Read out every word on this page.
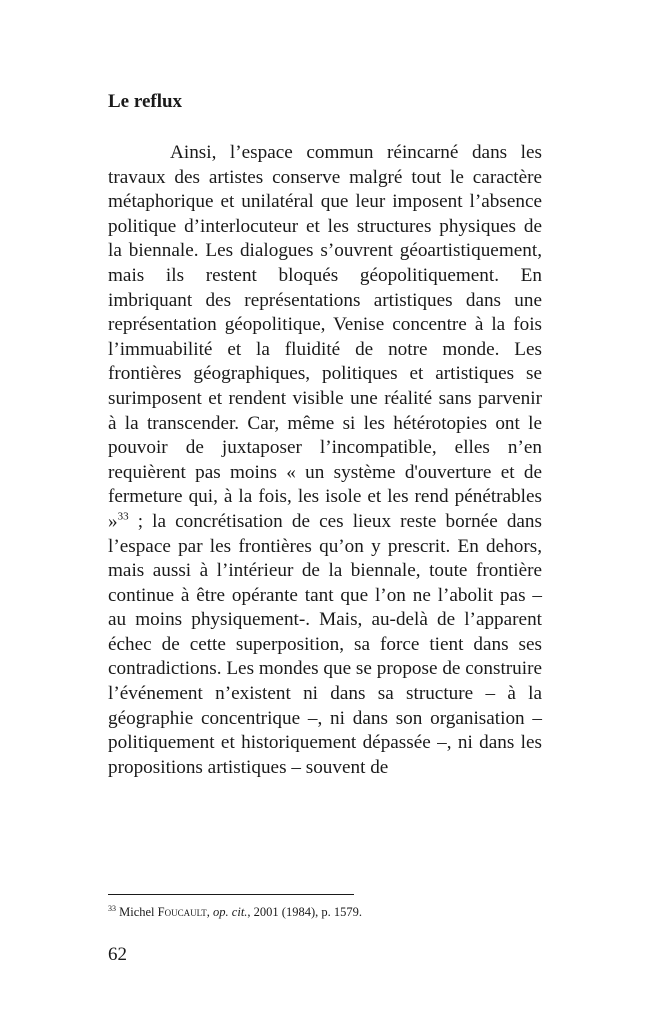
Le reflux

Ainsi, l’espace commun réincarné dans les travaux des artistes conserve malgré tout le caractère métaphorique et unilatéral que leur imposent l’absence politique d’interlocuteur et les structures physiques de la biennale. Les dialogues s’ouvrent géoartistiquement, mais ils restent bloqués géopolitiquement. En imbriquant des représentations artistiques dans une représentation géopolitique, Venise concentre à la fois l’immuabilité et la fluidité de notre monde. Les frontières géographiques, politiques et artistiques se surimposent et rendent visible une réalité sans parvenir à la transcender. Car, même si les hétérotopies ont le pouvoir de juxtaposer l’incompatible, elles n’en requièrent pas moins « un système d'ouverture et de fermeture qui, à la fois, les isole et les rend pénétrables »$^{33}$ ; la concrétisation de ces lieux reste bornée dans l’espace par les frontières qu’on y prescrit. En dehors, mais aussi à l’intérieur de la biennale, toute frontière continue à être opérante tant que l’on ne l’abolit pas – au moins physiquement-. Mais, au-delà de l’apparent échec de cette superposition, sa force tient dans ses contradictions. Les mondes que se propose de construire l’événement n’existent ni dans sa structure – à la géographie concentrique –, ni dans son organisation – politiquement et historiquement dépassée –, ni dans les propositions artistiques – souvent de

$^{33}$ Michel Foucault, op. cit., 2001 (1984), p. 1579.
62
